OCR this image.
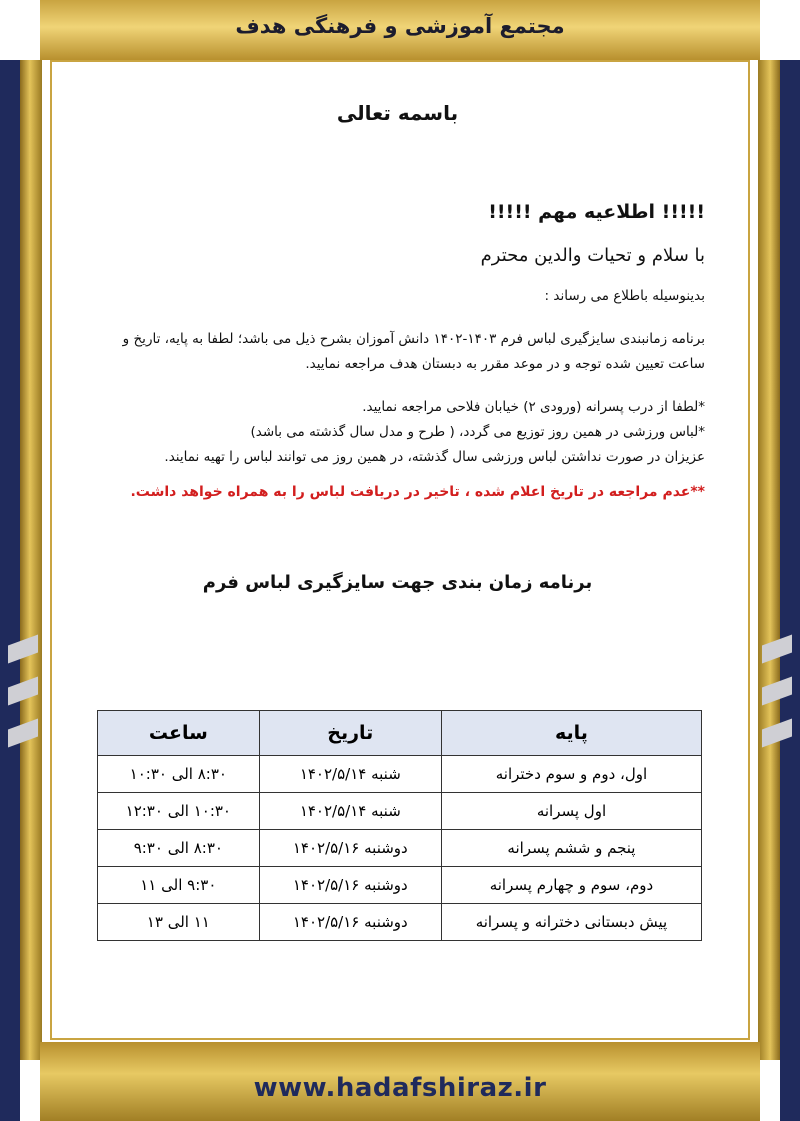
مجتمع آموزشی و فرهنگی هدف
باسمه تعالی
!!!!! اطلاعیه مهم !!!!!
با سلام و تحیات والدین محترم
بدینوسیله باطلاع می رساند :
برنامه زمانبندی سایزگیری لباس فرم ۱۴۰۳-۱۴۰۲ دانش آموزان بشرح ذیل می باشد؛ لطفا به پایه، تاریخ و
ساعت تعیین شده توجه و در موعد مقرر به دبستان هدف مراجعه نمایید.
*لطفا از درب پسرانه (ورودی ۲) خیابان فلاحی مراجعه نمایید.
*لباس ورزشی در همین روز توزیع می گردد، ( طرح و مدل سال گذشته می باشد)
عزیزان در صورت نداشتن لباس ورزشی سال گذشته، در همین روز می توانند لباس را تهیه نمایند.
**عدم مراجعه در تاریخ اعلام شده ، تاخیر در دریافت لباس را به همراه خواهد داشت.
برنامه زمان بندی جهت سایزگیری لباس فرم
پایه	تاریخ	ساعت
اول، دوم و سوم دخترانه	شنبه ۱۴۰۲/۵/۱۴	۸:۳۰ الی ۱۰:۳۰
اول پسرانه	شنبه ۱۴۰۲/۵/۱۴	۱۰:۳۰ الی ۱۲:۳۰
پنجم و ششم پسرانه	دوشنبه ۱۴۰۲/۵/۱۶	۸:۳۰ الی ۹:۳۰
دوم، سوم و چهارم پسرانه	دوشنبه ۱۴۰۲/۵/۱۶	۹:۳۰ الی ۱۱
پیش دبستانی دخترانه و پسرانه	دوشنبه ۱۴۰۲/۵/۱۶	۱۱ الی ۱۳
www.hadafshiraz.ir
